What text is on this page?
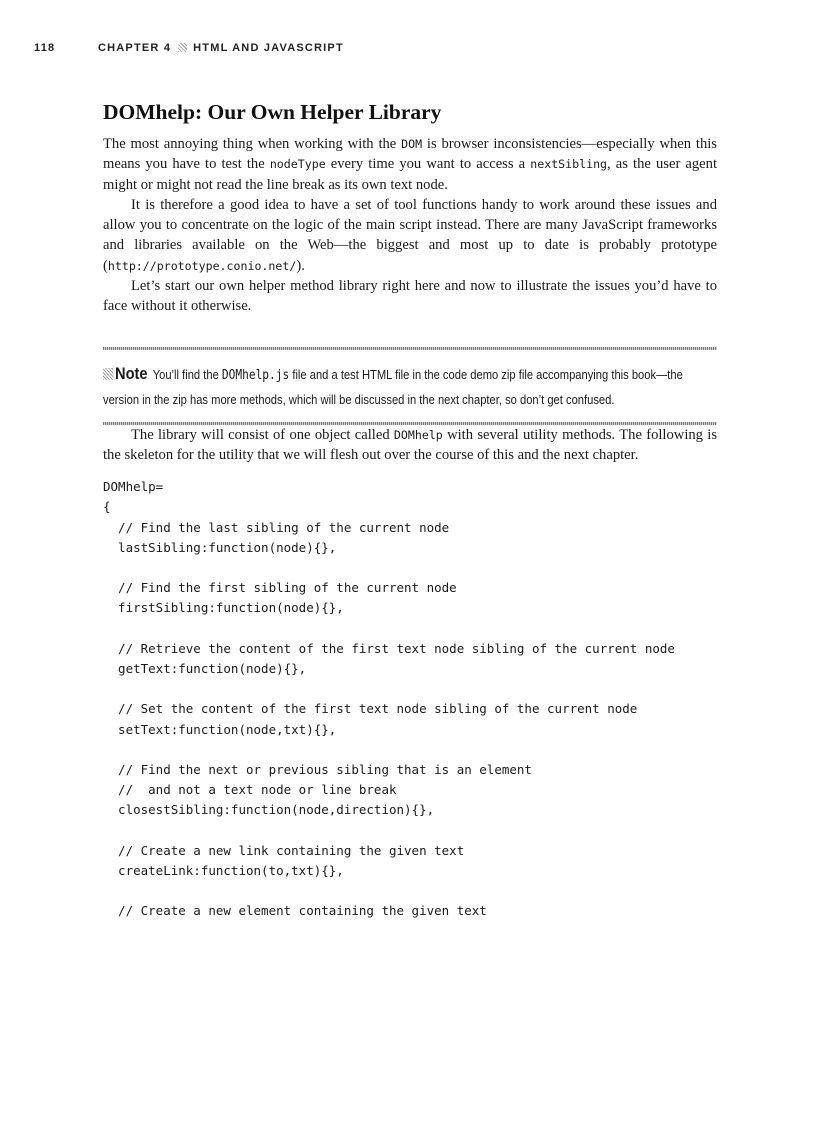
118	CHAPTER 4 HTML AND JAVASCRIPT
DOMhelp: Our Own Helper Library

The most annoying thing when working with the DOM is browser inconsistencies—especially when this means you have to test the nodeType every time you want to access a nextSibling, as the user agent might or might not read the line break as its own text node.

It is therefore a good idea to have a set of tool functions handy to work around these issues and allow you to concentrate on the logic of the main script instead. There are many JavaScript frameworks and libraries available on the Web—the biggest and most up to date is probably prototype (http://prototype.conio.net/).

Let’s start our own helper method library right here and now to illustrate the issues you’d have to face without it otherwise.

Note You’ll find the DOMhelp.js file and a test HTML file in the code demo zip file accompanying this book—the version in the zip has more methods, which will be discussed in the next chapter, so don’t get confused.

The library will consist of one object called DOMhelp with several utility methods. The following is the skeleton for the utility that we will flesh out over the course of this and the next chapter.

DOMhelp=
{
// Find the last sibling of the current node
lastSibling:function(node){},
// Find the first sibling of the current node
firstSibling:function(node){},
// Retrieve the content of the first text node sibling of the current node
getText:function(node){},
// Set the content of the first text node sibling of the current node
setText:function(node,txt){},
// Find the next or previous sibling that is an element
//  and not a text node or line break
closestSibling:function(node,direction){},
// Create a new link containing the given text
createLink:function(to,txt){},
// Create a new element containing the given text
